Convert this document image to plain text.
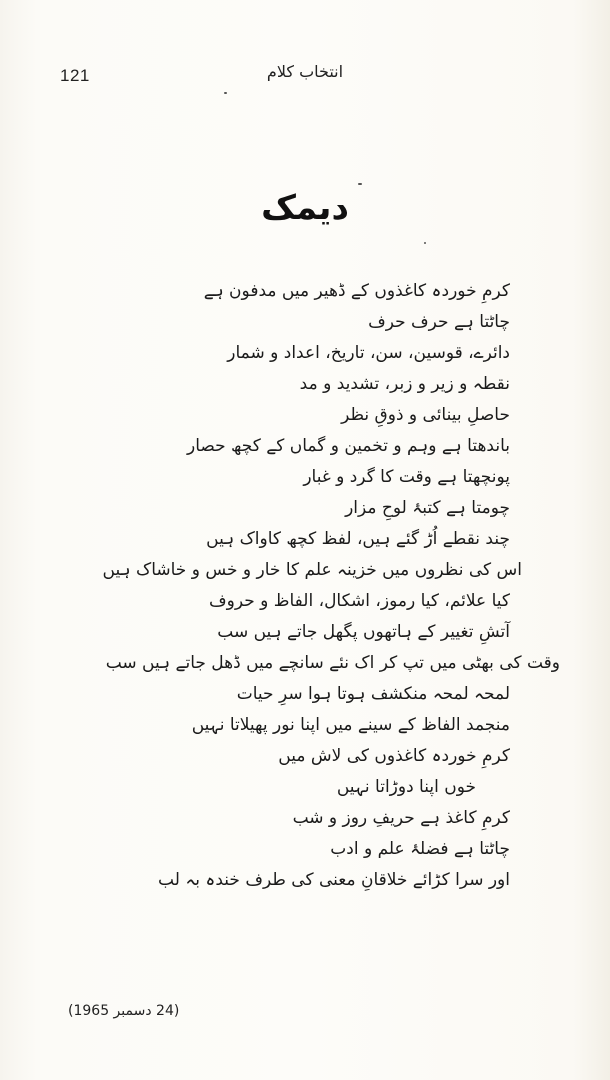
121	انتخاب کلام
دیمک
کرمِ خوردہ کاغذوں کے ڈھیر میں مدفون ہے
چاٹتا ہے حرف حرف
دائرے، قوسین، سن، تاریخ، اعداد و شمار
نقطہ و زیر و زبر، تشدید و مد
حاصلِ بینائی و ذوقِ نظر
باندھتا ہے وہم و تخمین و گماں کے کچھ حصار
پونچھتا ہے وقت کا گرد و غبار
چومتا ہے کتبۂ لوحِ مزار
چند نقطے اُڑ گئے ہیں، لفظ کچھ کاواک ہیں
اس کی نظروں میں خزینہ علم کا خار و خس و خاشاک ہیں
کیا علائم، کیا رموز، اشکال، الفاظ و حروف
آتشِ تغییر کے ہاتھوں پگھل جاتے ہیں سب
وقت کی بھٹی میں تپ کر اک نئے سانچے میں ڈھل جاتے ہیں سب
لمحہ لمحہ منکشف ہوتا ہوا سرِ حیات
منجمد الفاظ کے سینے میں اپنا نور پھیلاتا نہیں
کرمِ خوردہ کاغذوں کی لاش میں
خوں اپنا دوڑاتا نہیں
کرمِ کاغذ ہے حریفِ روز و شب
چاٹتا ہے فضلۂ علم و ادب
اور سرا کڑائے خلاقانِ معنی کی طرف خندہ بہ لب
(24 دسمبر 1965)
